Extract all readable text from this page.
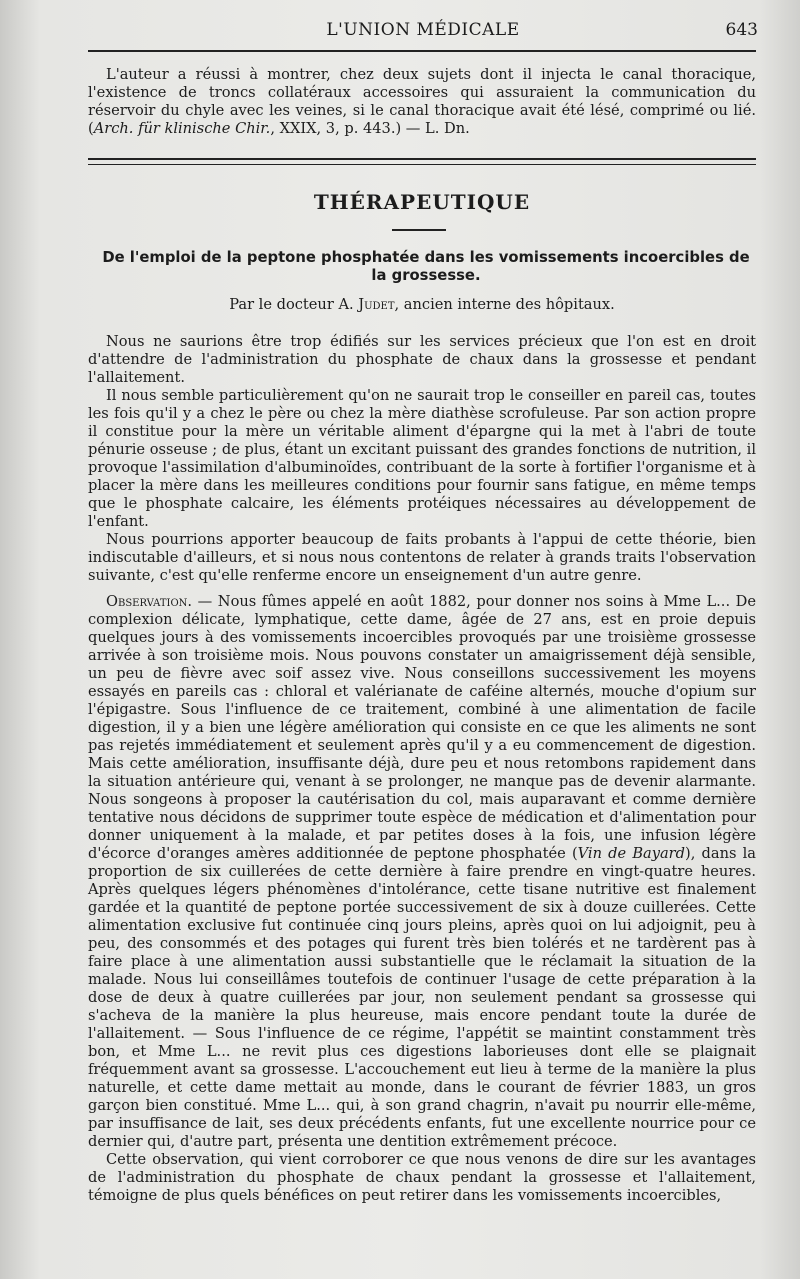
L'UNION MÉDICALE	643

L'auteur a réussi à montrer, chez deux sujets dont il injecta le canal thoracique, l'existence de troncs collatéraux accessoires qui assuraient la communication du réservoir du chyle avec les veines, si le canal thoracique avait été lésé, comprimé ou lié. (Arch. für klinische Chir., XXIX, 3, p. 443.) — L. Dn.

THÉRAPEUTIQUE
De l'emploi de la peptone phosphatée dans les vomissements incoercibles de la grossesse.
Par le docteur A. Judet, ancien interne des hôpitaux.

Nous ne saurions être trop édifiés sur les services précieux que l'on est en droit d'attendre de l'administration du phosphate de chaux dans la grossesse et pendant l'allaitement.

Il nous semble particulièrement qu'on ne saurait trop le conseiller en pareil cas, toutes les fois qu'il y a chez le père ou chez la mère diathèse scrofuleuse. Par son action propre il constitue pour la mère un véritable aliment d'épargne qui la met à l'abri de toute pénurie osseuse ; de plus, étant un excitant puissant des grandes fonctions de nutrition, il provoque l'assimilation d'albuminoïdes, contribuant de la sorte à fortifier l'organisme et à placer la mère dans les meilleures conditions pour fournir sans fatigue, en même temps que le phosphate calcaire, les éléments protéiques nécessaires au développement de l'enfant.

Nous pourrions apporter beaucoup de faits probants à l'appui de cette théorie, bien indiscutable d'ailleurs, et si nous nous contentons de relater à grands traits l'observation suivante, c'est qu'elle renferme encore un enseignement d'un autre genre.

Observation. — Nous fûmes appelé en août 1882, pour donner nos soins à Mme L... De complexion délicate, lymphatique, cette dame, âgée de 27 ans, est en proie depuis quelques jours à des vomissements incoercibles provoqués par une troisième grossesse arrivée à son troisième mois. Nous pouvons constater un amaigrissement déjà sensible, un peu de fièvre avec soif assez vive. Nous conseillons successivement les moyens essayés en pareils cas : chloral et valérianate de caféine alternés, mouche d'opium sur l'épigastre. Sous l'influence de ce traitement, combiné à une alimentation de facile digestion, il y a bien une légère amélioration qui consiste en ce que les aliments ne sont pas rejetés immédiatement et seulement après qu'il y a eu commencement de digestion. Mais cette amélioration, insuffisante déjà, dure peu et nous retombons rapidement dans la situation antérieure qui, venant à se prolonger, ne manque pas de devenir alarmante. Nous songeons à proposer la cautérisation du col, mais auparavant et comme dernière tentative nous décidons de supprimer toute espèce de médication et d'alimentation pour donner uniquement à la malade, et par petites doses à la fois, une infusion légère d'écorce d'oranges amères additionnée de peptone phosphatée (Vin de Bayard), dans la proportion de six cuillerées de cette dernière à faire prendre en vingt-quatre heures. Après quelques légers phénomènes d'intolérance, cette tisane nutritive est finalement gardée et la quantité de peptone portée successivement de six à douze cuillerées. Cette alimentation exclusive fut continuée cinq jours pleins, après quoi on lui adjoignit, peu à peu, des consommés et des potages qui furent très bien tolérés et ne tardèrent pas à faire place à une alimentation aussi substantielle que le réclamait la situation de la malade. Nous lui conseillâmes toutefois de continuer l'usage de cette préparation à la dose de deux à quatre cuillerées par jour, non seulement pendant sa grossesse qui s'acheva de la manière la plus heureuse, mais encore pendant toute la durée de l'allaitement. — Sous l'influence de ce régime, l'appétit se maintint constamment très bon, et Mme L... ne revit plus ces digestions laborieuses dont elle se plaignait fréquemment avant sa grossesse. L'accouchement eut lieu à terme de la manière la plus naturelle, et cette dame mettait au monde, dans le courant de février 1883, un gros garçon bien constitué. Mme L... qui, à son grand chagrin, n'avait pu nourrir elle-même, par insuffisance de lait, ses deux précédents enfants, fut une excellente nourrice pour ce dernier qui, d'autre part, présenta une dentition extrêmement précoce.

Cette observation, qui vient corroborer ce que nous venons de dire sur les avantages de l'administration du phosphate de chaux pendant la grossesse et l'allaitement, témoigne de plus quels bénéfices on peut retirer dans les vomissements incoercibles,
